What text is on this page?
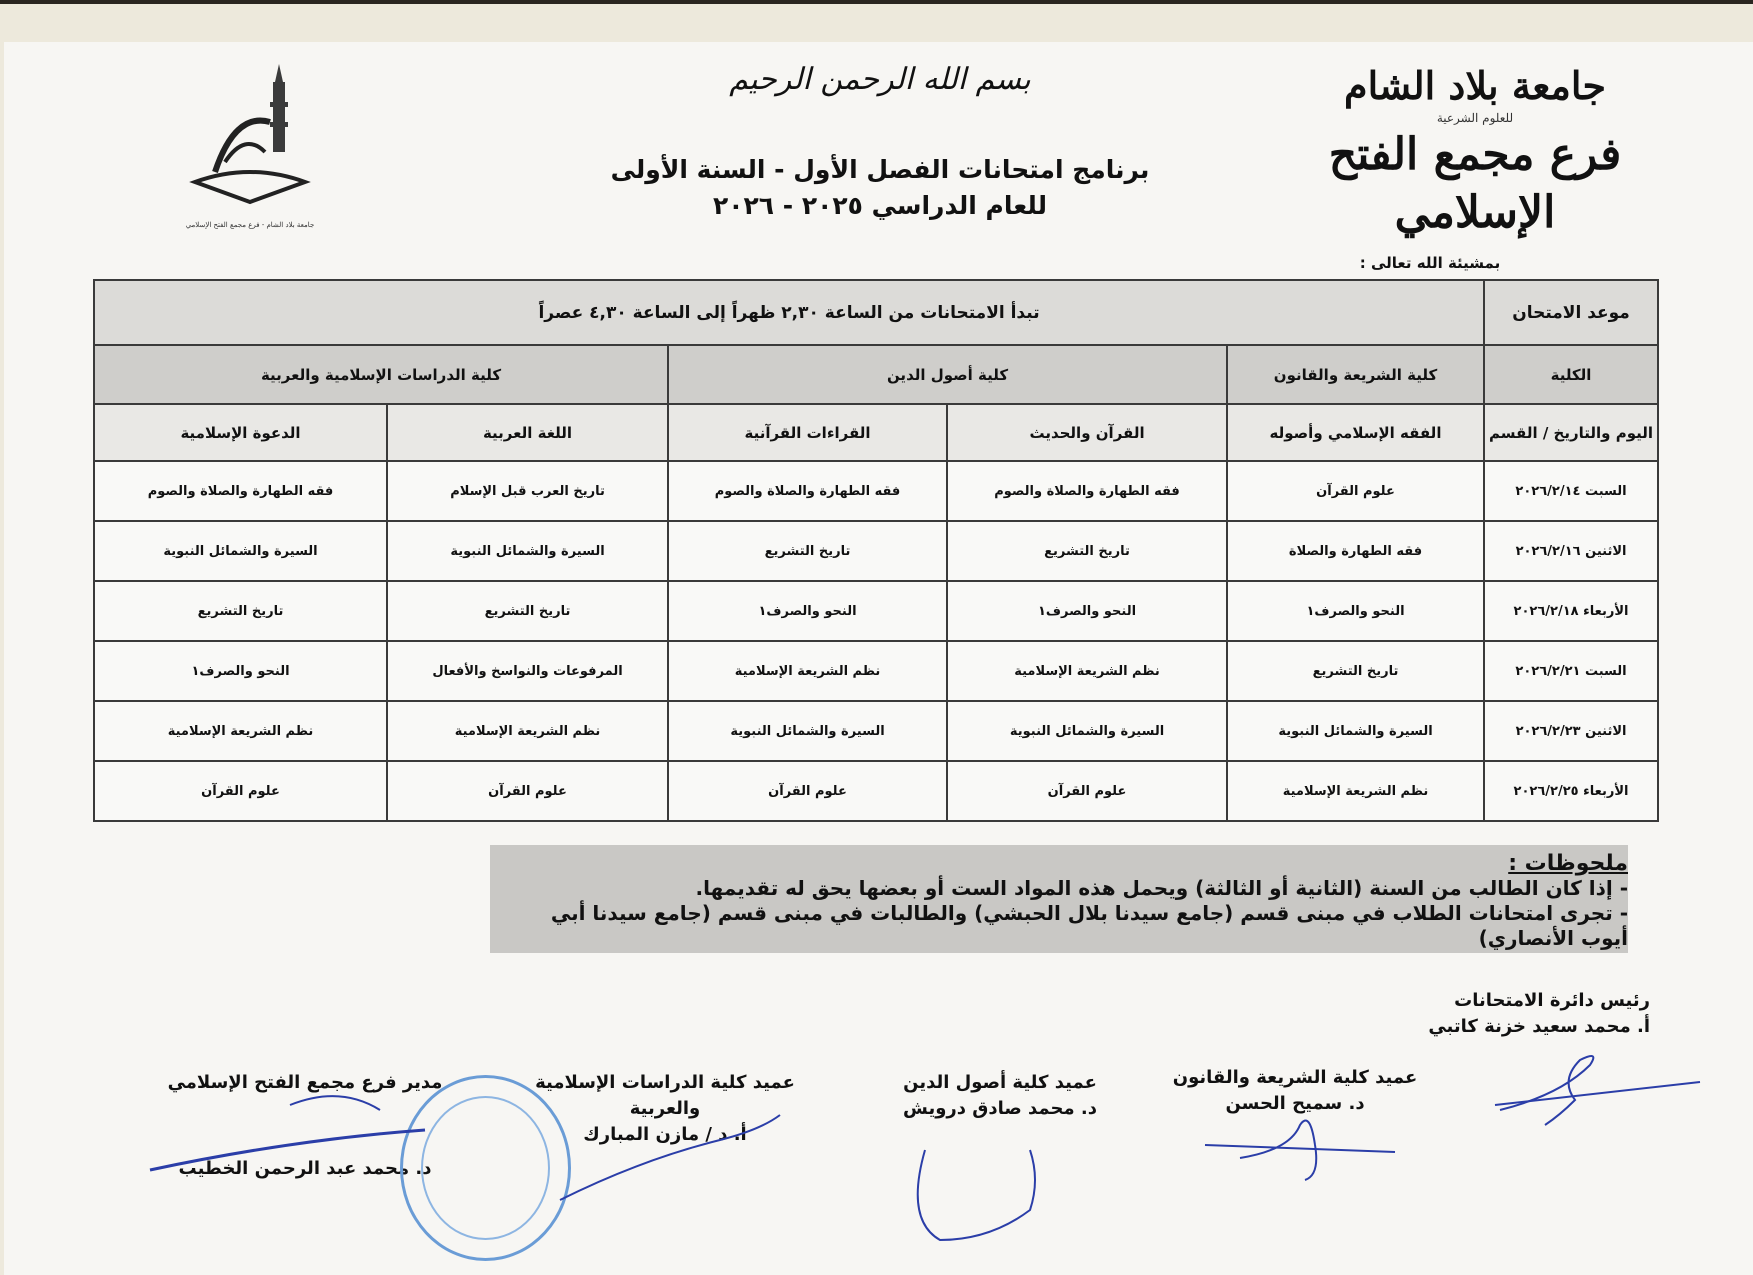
بسم الله الرحمن الرحيم
برنامج امتحانات الفصل الأول - السنة الأولى
للعام الدراسي ٢٠٢٥ - ٢٠٢٦
جامعة بلاد الشام
للعلوم الشرعية
فرع مجمع الفتح الإسلامي
جامعة بلاد الشام - فرع مجمع الفتح الإسلامي
بمشيئة الله تعالى :
موعد الامتحان	تبدأ الامتحانات من الساعة ٢,٣٠ ظهراً إلى الساعة ٤,٣٠ عصراً				
الكلية	كلية الشريعة والقانون	كلية أصول الدين		كلية الدراسات الإسلامية والعربية	
اليوم والتاريخ / القسم	الفقه الإسلامي وأصوله	القرآن والحديث	القراءات القرآنية	اللغة العربية	الدعوة الإسلامية
السبت ٢٠٢٦/٢/١٤	علوم القرآن	فقه الطهارة والصلاة والصوم	فقه الطهارة والصلاة والصوم	تاريخ العرب قبل الإسلام	فقه الطهارة والصلاة والصوم
الاثنين ٢٠٢٦/٢/١٦	فقه الطهارة والصلاة	تاريخ التشريع	تاريخ التشريع	السيرة والشمائل النبوية	السيرة والشمائل النبوية
الأربعاء ٢٠٢٦/٢/١٨	النحو والصرف١	النحو والصرف١	النحو والصرف١	تاريخ التشريع	تاريخ التشريع
السبت ٢٠٢٦/٢/٢١	تاريخ التشريع	نظم الشريعة الإسلامية	نظم الشريعة الإسلامية	المرفوعات والنواسخ والأفعال	النحو والصرف١
الاثنين ٢٠٢٦/٢/٢٣	السيرة والشمائل النبوية	السيرة والشمائل النبوية	السيرة والشمائل النبوية	نظم الشريعة الإسلامية	نظم الشريعة الإسلامية
الأربعاء ٢٠٢٦/٢/٢٥	نظم الشريعة الإسلامية	علوم القرآن	علوم القرآن	علوم القرآن	علوم القرآن
ملحوظات :
- إذا كان الطالب من السنة (الثانية أو الثالثة) ويحمل هذه المواد الست أو بعضها يحق له تقديمها.
- تجرى امتحانات الطلاب في مبنى قسم (جامع سيدنا بلال الحبشي) والطالبات في مبنى قسم (جامع سيدنا أبي أيوب الأنصاري)
رئيس دائرة الامتحانات
أ. محمد سعيد خزنة كاتبي
عميد كلية الشريعة والقانون
د. سميح الحسن
عميد كلية أصول الدين
د. محمد صادق درويش
عميد كلية الدراسات الإسلامية والعربية
أ. د / مازن المبارك
مدير فرع مجمع الفتح الإسلامي
د. محمد عبد الرحمن الخطيب
